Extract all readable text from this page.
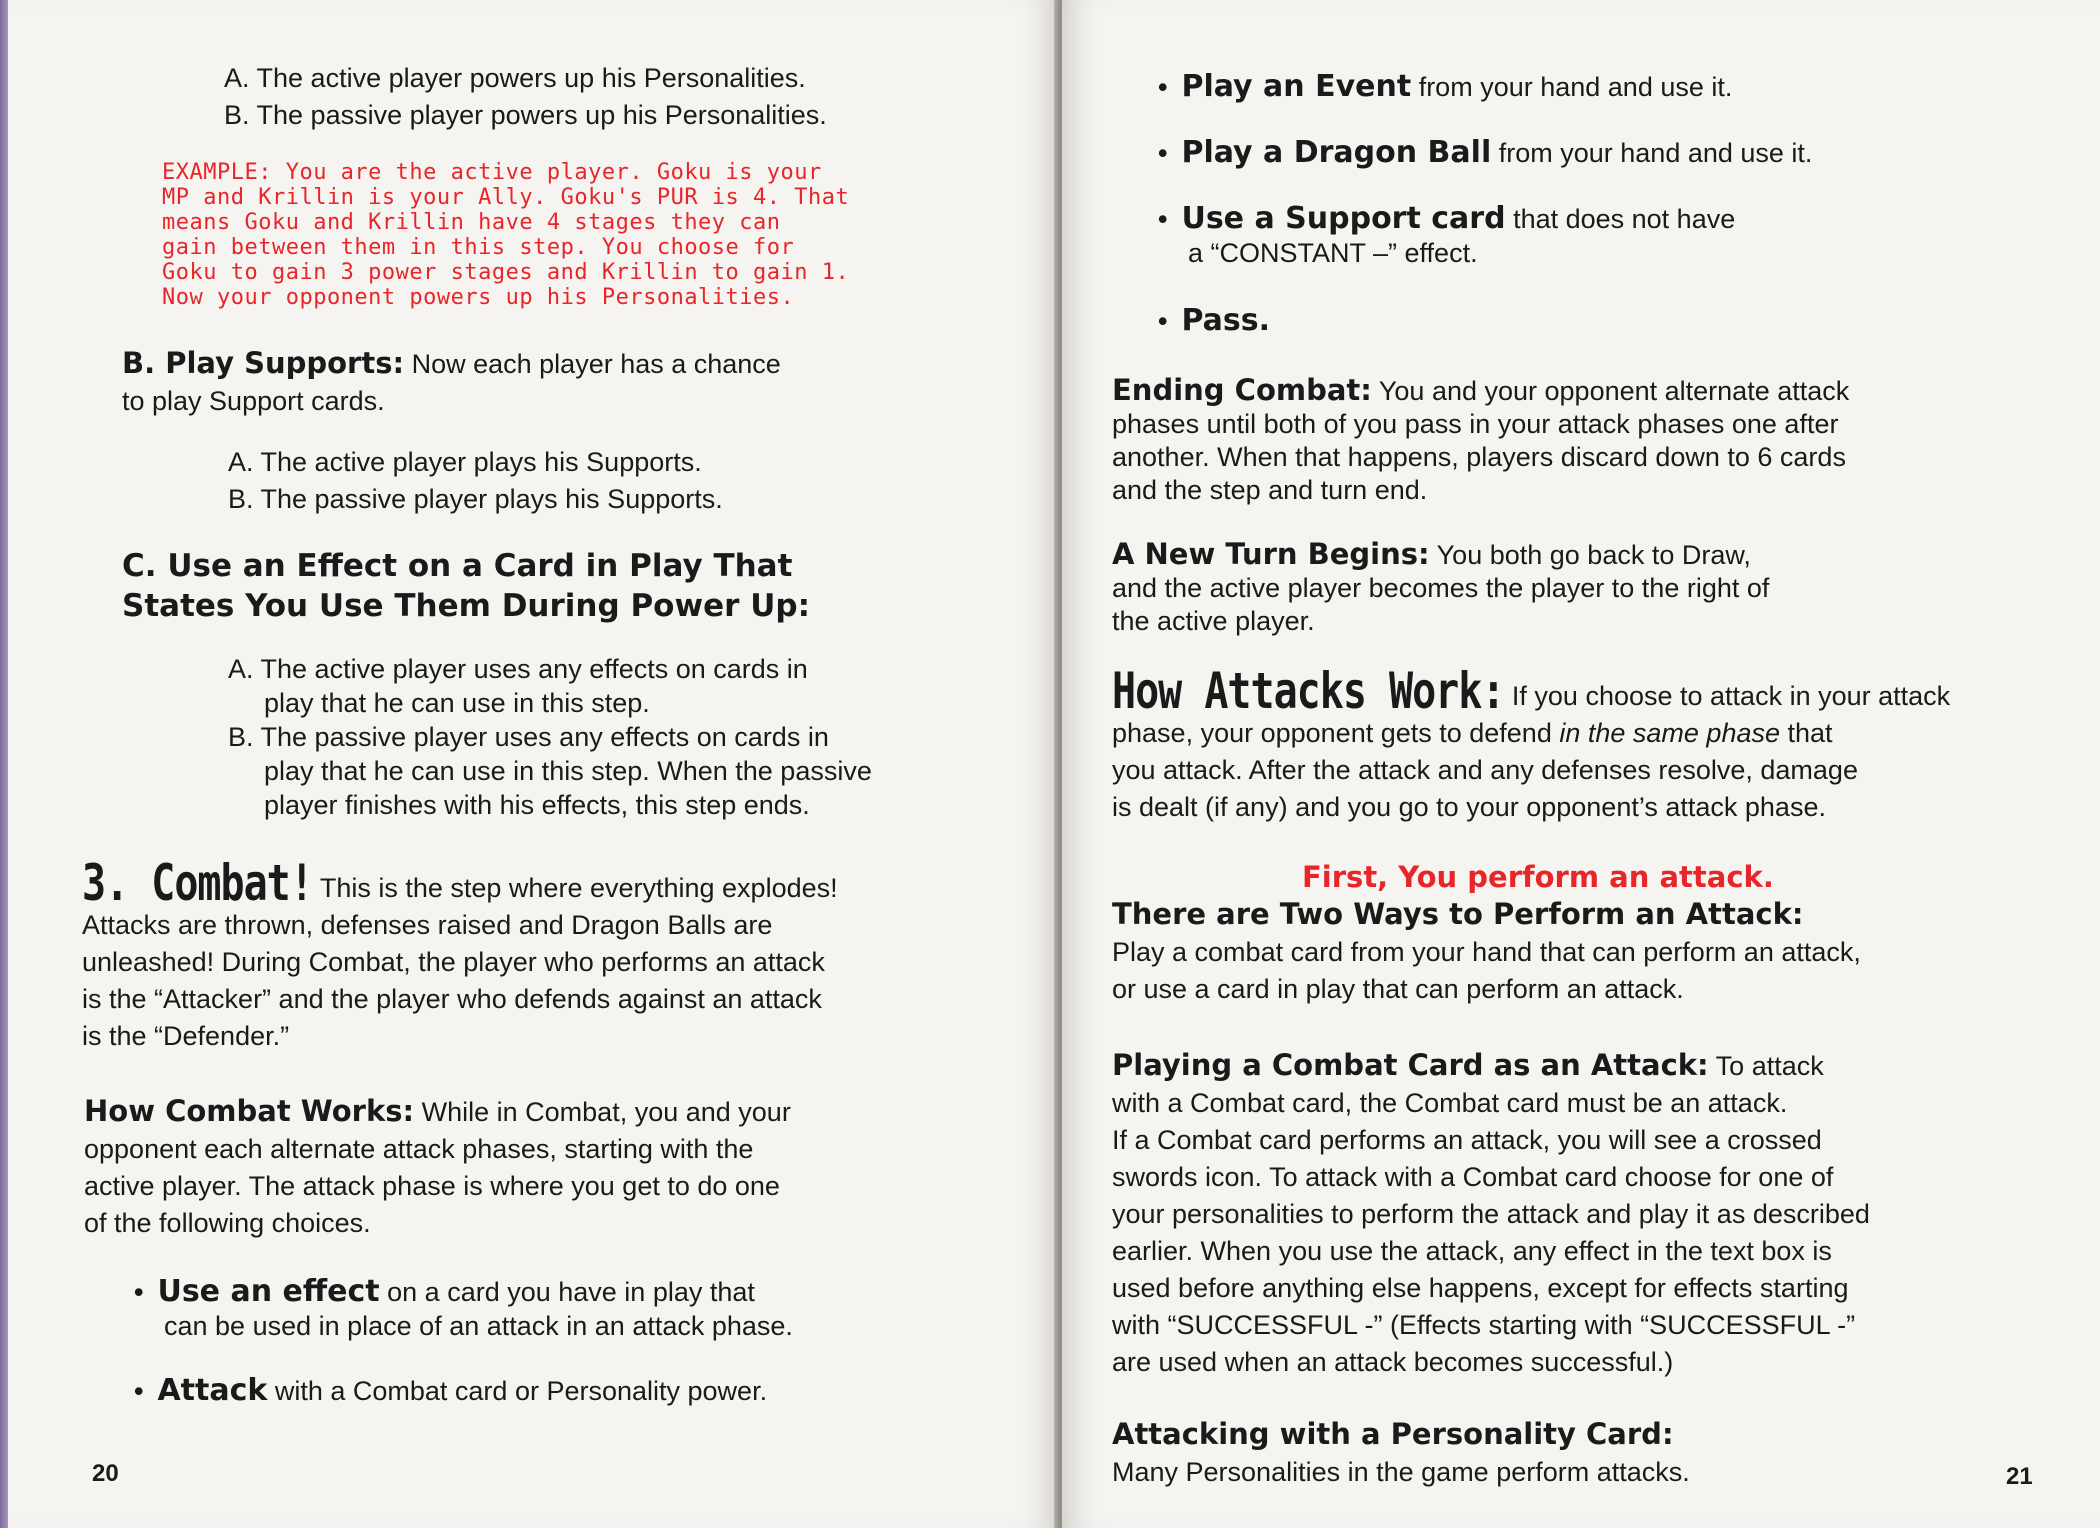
A. The active player powers up his Personalities.
B. The passive player powers up his Personalities.
EXAMPLE: You are the active player. Goku is your
MP and Krillin is your Ally. Goku's PUR is 4. That
means Goku and Krillin have 4 stages they can
gain between them in this step. You choose for
Goku to gain 3 power stages and Krillin to gain 1.
Now your opponent powers up his Personalities.
B. Play Supports: Now each player has a chance
to play Support cards.
A. The active player plays his Supports.
B. The passive player plays his Supports.
C. Use an Effect on a Card in Play That
States You Use Them During Power Up:
A. The active player uses any effects on cards in

play that he can use in this step.
B. The passive player uses any effects on cards in

play that he can use in this step. When the passive
player finishes with his effects, this step ends.
3. Combat! This is the step where everything explodes!
Attacks are thrown, defenses raised and Dragon Balls are
unleashed! During Combat, the player who performs an attack
is the “Attacker” and the player who defends against an attack
is the “Defender.”
How Combat Works: While in Combat, you and your
opponent each alternate attack phases, starting with the
active player. The attack phase is where you get to do one
of the following choices.
• Use an effect on a card you have in play that
can be used in place of an attack in an attack phase.
• Attack with a Combat card or Personality power.
20
• Play an Event from your hand and use it.
• Play a Dragon Ball from your hand and use it.
• Use a Support card that does not have
a “CONSTANT –” effect.
• Pass.
Ending Combat: You and your opponent alternate attack
phases until both of you pass in your attack phases one after
another. When that happens, players discard down to 6 cards
and the step and turn end.
A New Turn Begins: You both go back to Draw,
and the active player becomes the player to the right of
the active player.
How Attacks Work: If you choose to attack in your attack
phase, your opponent gets to defend in the same phase that
you attack. After the attack and any defenses resolve, damage
is dealt (if any) and you go to your opponent’s attack phase.
First, You perform an attack.
There are Two Ways to Perform an Attack:
Play a combat card from your hand that can perform an attack,
or use a card in play that can perform an attack.
Playing a Combat Card as an Attack: To attack
with a Combat card, the Combat card must be an attack.
If a Combat card performs an attack, you will see a crossed
swords icon. To attack with a Combat card choose for one of
your personalities to perform the attack and play it as described
earlier. When you use the attack, any effect in the text box is
used before anything else happens, except for effects starting
with “SUCCESSFUL -” (Effects starting with “SUCCESSFUL -”
are used when an attack becomes successful.)
Attacking with a Personality Card:
Many Personalities in the game perform attacks.	21
